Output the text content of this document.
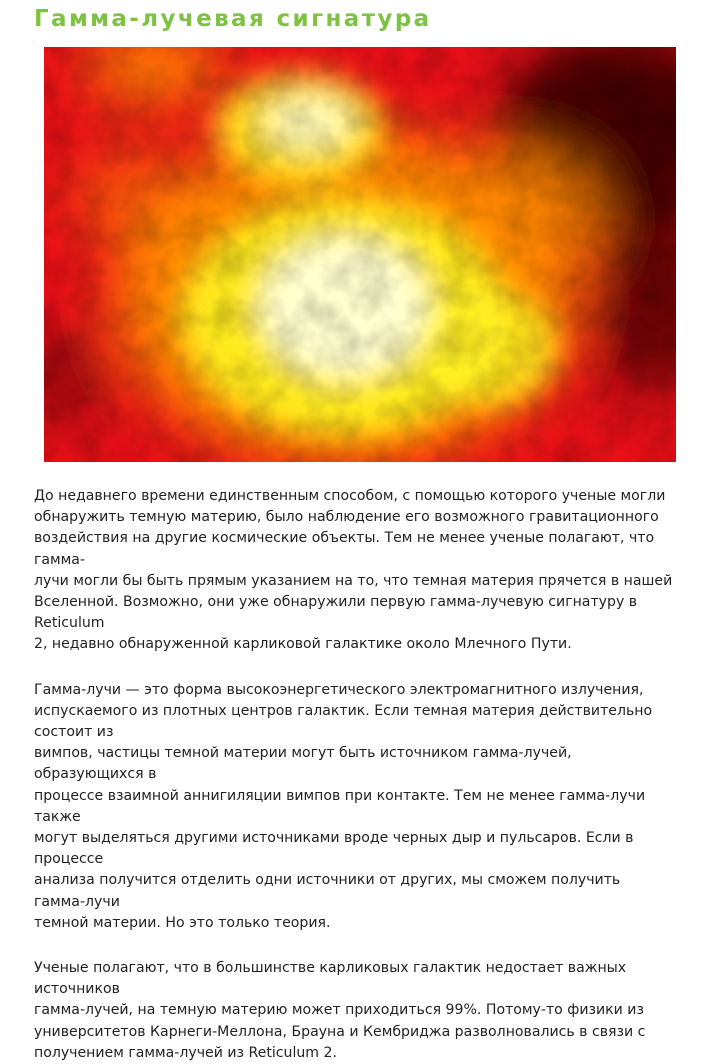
Гамма-лучевая сигнатура

До недавнего времени единственным способом, с помощью которого ученые могли
обнаружить темную материю, было наблюдение его возможного гравитационного
воздействия на другие космические объекты. Тем не менее ученые полагают, что гамма-
лучи могли бы быть прямым указанием на то, что темная материя прячется в нашей
Вселенной. Возможно, они уже обнаружили первую гамма-лучевую сигнатуру в Reticulum
2, недавно обнаруженной карликовой галактике около Млечного Пути.

Гамма-лучи — это форма высокоэнергетического электромагнитного излучения,
испускаемого из плотных центров галактик. Если темная материя действительно состоит из
вимпов, частицы темной материи могут быть источником гамма-лучей, образующихся в
процессе взаимной аннигиляции вимпов при контакте. Тем не менее гамма-лучи также
могут выделяться другими источниками вроде черных дыр и пульсаров. Если в процессе
анализа получится отделить одни источники от других, мы сможем получить гамма-лучи
темной материи. Но это только теория.

Ученые полагают, что в большинстве карликовых галактик недостает важных источников
гамма-лучей, на темную материю может приходиться 99%. Потому-то физики из
университетов Карнеги-Меллона, Брауна и Кембриджа разволновались в связи с
получением гамма-лучей из Reticulum 2.
